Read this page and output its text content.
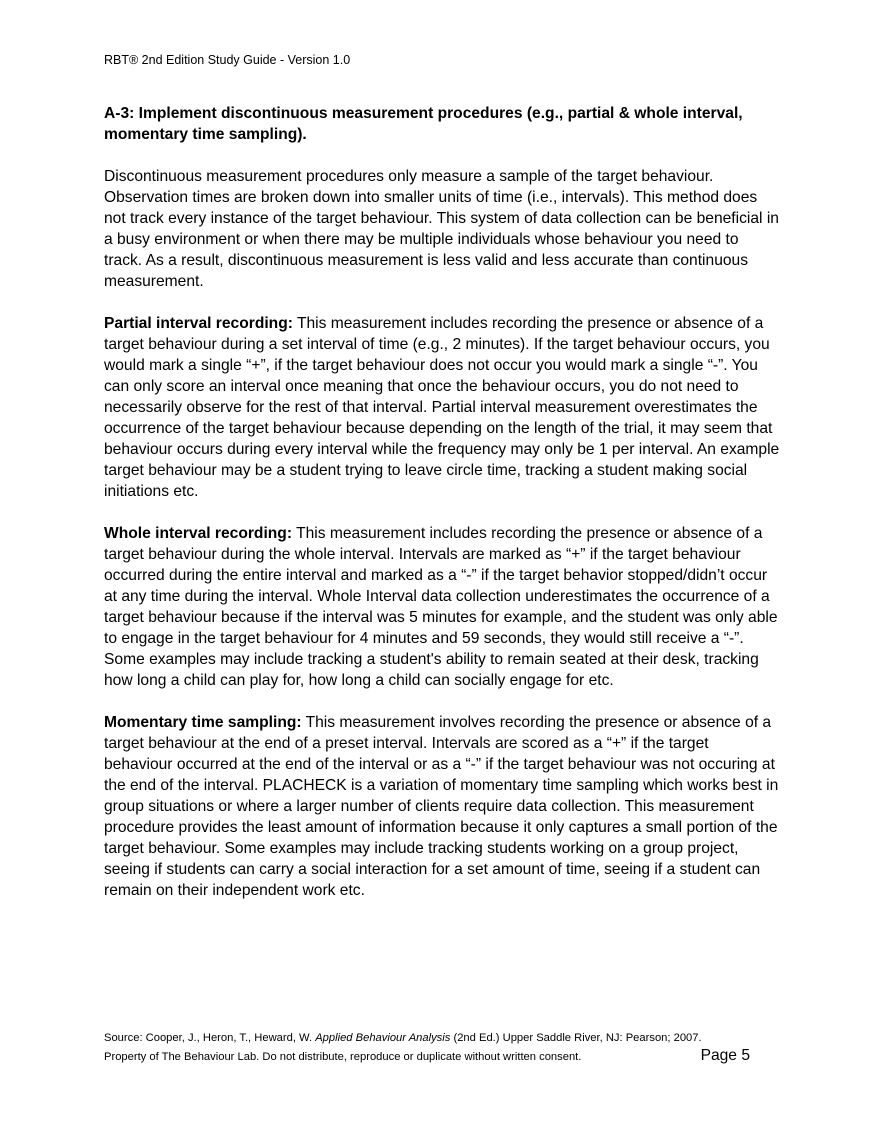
RBT® 2nd Edition Study Guide - Version 1.0
A-3: Implement discontinuous measurement procedures (e.g., partial & whole interval, momentary time sampling).
Discontinuous measurement procedures only measure a sample of the target behaviour. Observation times are broken down into smaller units of time (i.e., intervals). This method does not track every instance of the target behaviour. This system of data collection can be beneficial in a busy environment or when there may be multiple individuals whose behaviour you need to track. As a result, discontinuous measurement is less valid and less accurate than continuous measurement.
Partial interval recording: This measurement includes recording the presence or absence of a target behaviour during a set interval of time (e.g., 2 minutes). If the target behaviour occurs, you would mark a single “+”, if the target behaviour does not occur you would mark a single “-”. You can only score an interval once meaning that once the behaviour occurs, you do not need to necessarily observe for the rest of that interval. Partial interval measurement overestimates the occurrence of the target behaviour because depending on the length of the trial, it may seem that behaviour occurs during every interval while the frequency may only be 1 per interval. An example target behaviour may be a student trying to leave circle time, tracking a student making social initiations etc.
Whole interval recording: This measurement includes recording the presence or absence of a target behaviour during the whole interval. Intervals are marked as “+” if the target behaviour occurred during the entire interval and marked as a “-” if the target behavior stopped/didn’t occur at any time during the interval. Whole Interval data collection underestimates the occurrence of a target behaviour because if the interval was 5 minutes for example, and the student was only able to engage in the target behaviour for 4 minutes and 59 seconds, they would still receive a “-”. Some examples may include tracking a student's ability to remain seated at their desk, tracking how long a child can play for, how long a child can socially engage for etc.
Momentary time sampling: This measurement involves recording the presence or absence of a target behaviour at the end of a preset interval. Intervals are scored as a “+” if the target behaviour occurred at the end of the interval or as a “-” if the target behaviour was not occuring at the end of the interval. PLACHECK is a variation of momentary time sampling which works best in group situations or where a larger number of clients require data collection. This measurement procedure provides the least amount of information because it only captures a small portion of the target behaviour. Some examples may include tracking students working on a group project, seeing if students can carry a social interaction for a set amount of time, seeing if a student can remain on their independent work etc.
Source: Cooper, J., Heron, T., Heward, W. Applied Behaviour Analysis (2nd Ed.) Upper Saddle River, NJ: Pearson; 2007.
Property of The Behaviour Lab. Do not distribute, reproduce or duplicate without written consent.	Page 5
